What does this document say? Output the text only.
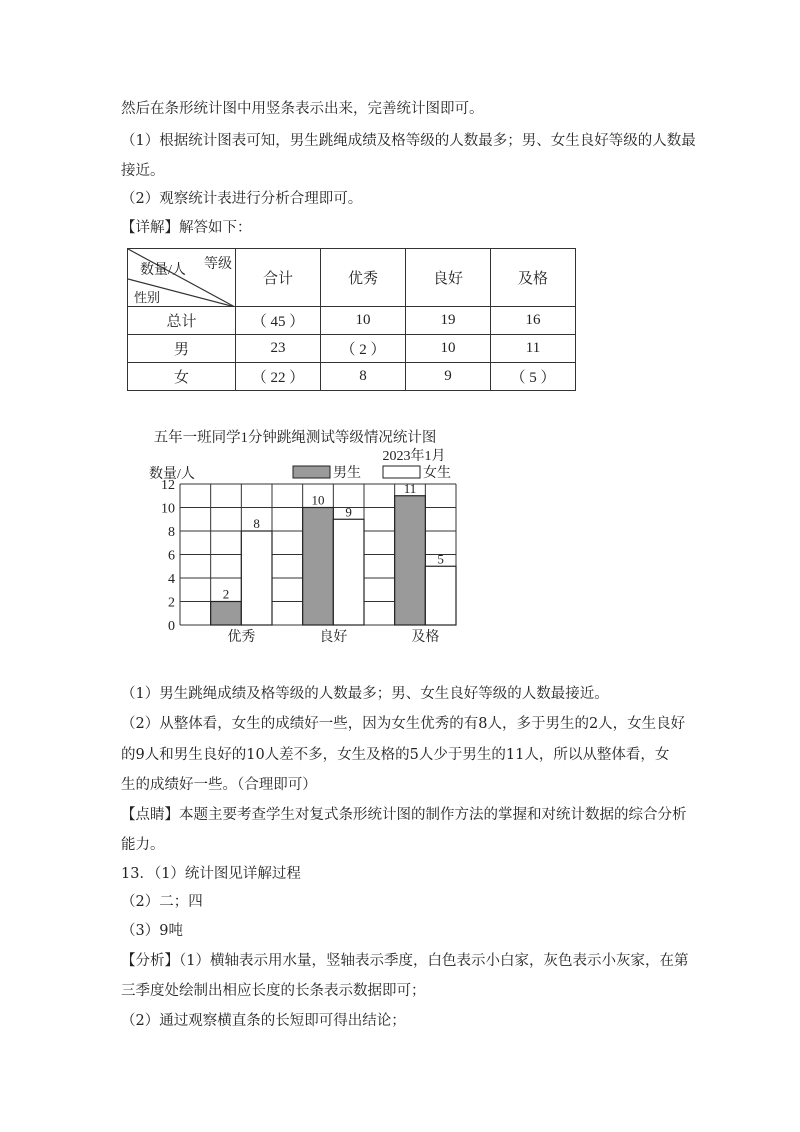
然后在条形统计图中用竖条表示出来，完善统计图即可。
（1）根据统计图表可知，男生跳绳成绩及格等级的人数最多；男、女生良好等级的人数最
接近。
（2）观察统计表进行分析合理即可。
【详解】解答如下：
等级
数量/人
性别	合计	优秀	良好	及格
总计	（ 45 ）	10	19	16
男	23	（ 2 ）	10	11
女	（ 22 ）	8	9	（ 5 ）
五年一班同学1分钟跳绳测试等级情况统计图
2023年1月
数量/人	男生	女生
0
2
4
6
8
10
12
2
8
优秀
10
9
良好
11
5
及格
（1）男生跳绳成绩及格等级的人数最多；男、女生良好等级的人数最接近。
（2）从整体看，女生的成绩好一些，因为女生优秀的有8人，多于男生的2人，女生良好
的9人和男生良好的10人差不多，女生及格的5人少于男生的11人，所以从整体看，女
生的成绩好一些。（合理即可）
【点睛】本题主要考查学生对复式条形统计图的制作方法的掌握和对统计数据的综合分析
能力。
13．（1）统计图见详解过程
（2）二；四
（3）9吨
【分析】（1）横轴表示用水量，竖轴表示季度，白色表示小白家，灰色表示小灰家，在第
三季度处绘制出相应长度的长条表示数据即可；
（2）通过观察横直条的长短即可得出结论；
